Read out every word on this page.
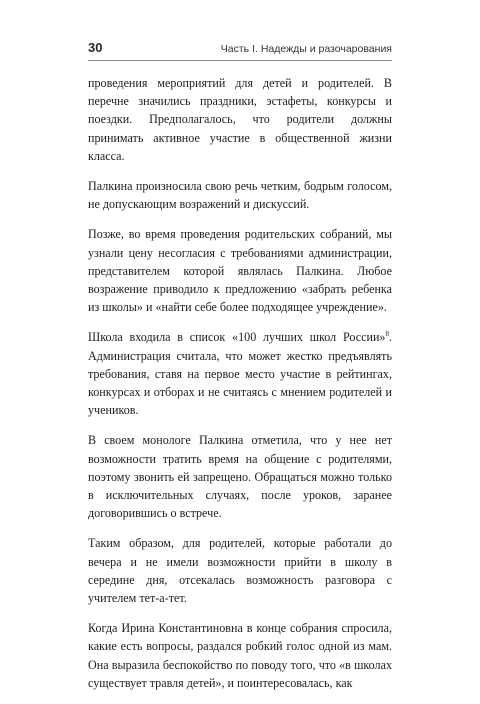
30	Часть I. Надежды и разочарования

проведения мероприятий для детей и родителей. В перечне значились праздники, эстафеты, конкурсы и поездки. Предполагалось, что родители должны принимать активное участие в общественной жизни класса.

Палкина произносила свою речь четким, бодрым голосом, не допускающим возражений и дискуссий.

Позже, во время проведения родительских собраний, мы узнали цену несогласия с требованиями администрации, представителем которой являлась Палкина. Любое возражение приводило к предложению «забрать ребенка из школы» и «найти себе более подходящее учреждение».

Школа входила в список «100 лучших школ России»$^8$. Администрация считала, что может жестко предъявлять требования, ставя на первое место участие в рейтингах, конкурсах и отборах и не считаясь с мнением родителей и учеников.

В своем монологе Палкина отметила, что у нее нет возможности тратить время на общение с родителями, поэтому звонить ей запрещено. Обращаться можно только в исключительных случаях, после уроков, заранее договорившись о встрече.

Таким образом, для родителей, которые работали до вечера и не имели возможности прийти в школу в середине дня, отсекалась возможность разговора с учителем тет-а-тет.

Когда Ирина Константиновна в конце собрания спросила, какие есть вопросы, раздался робкий голос одной из мам. Она выразила беспокойство по поводу того, что «в школах существует травля детей», и поинтересовалась, как
